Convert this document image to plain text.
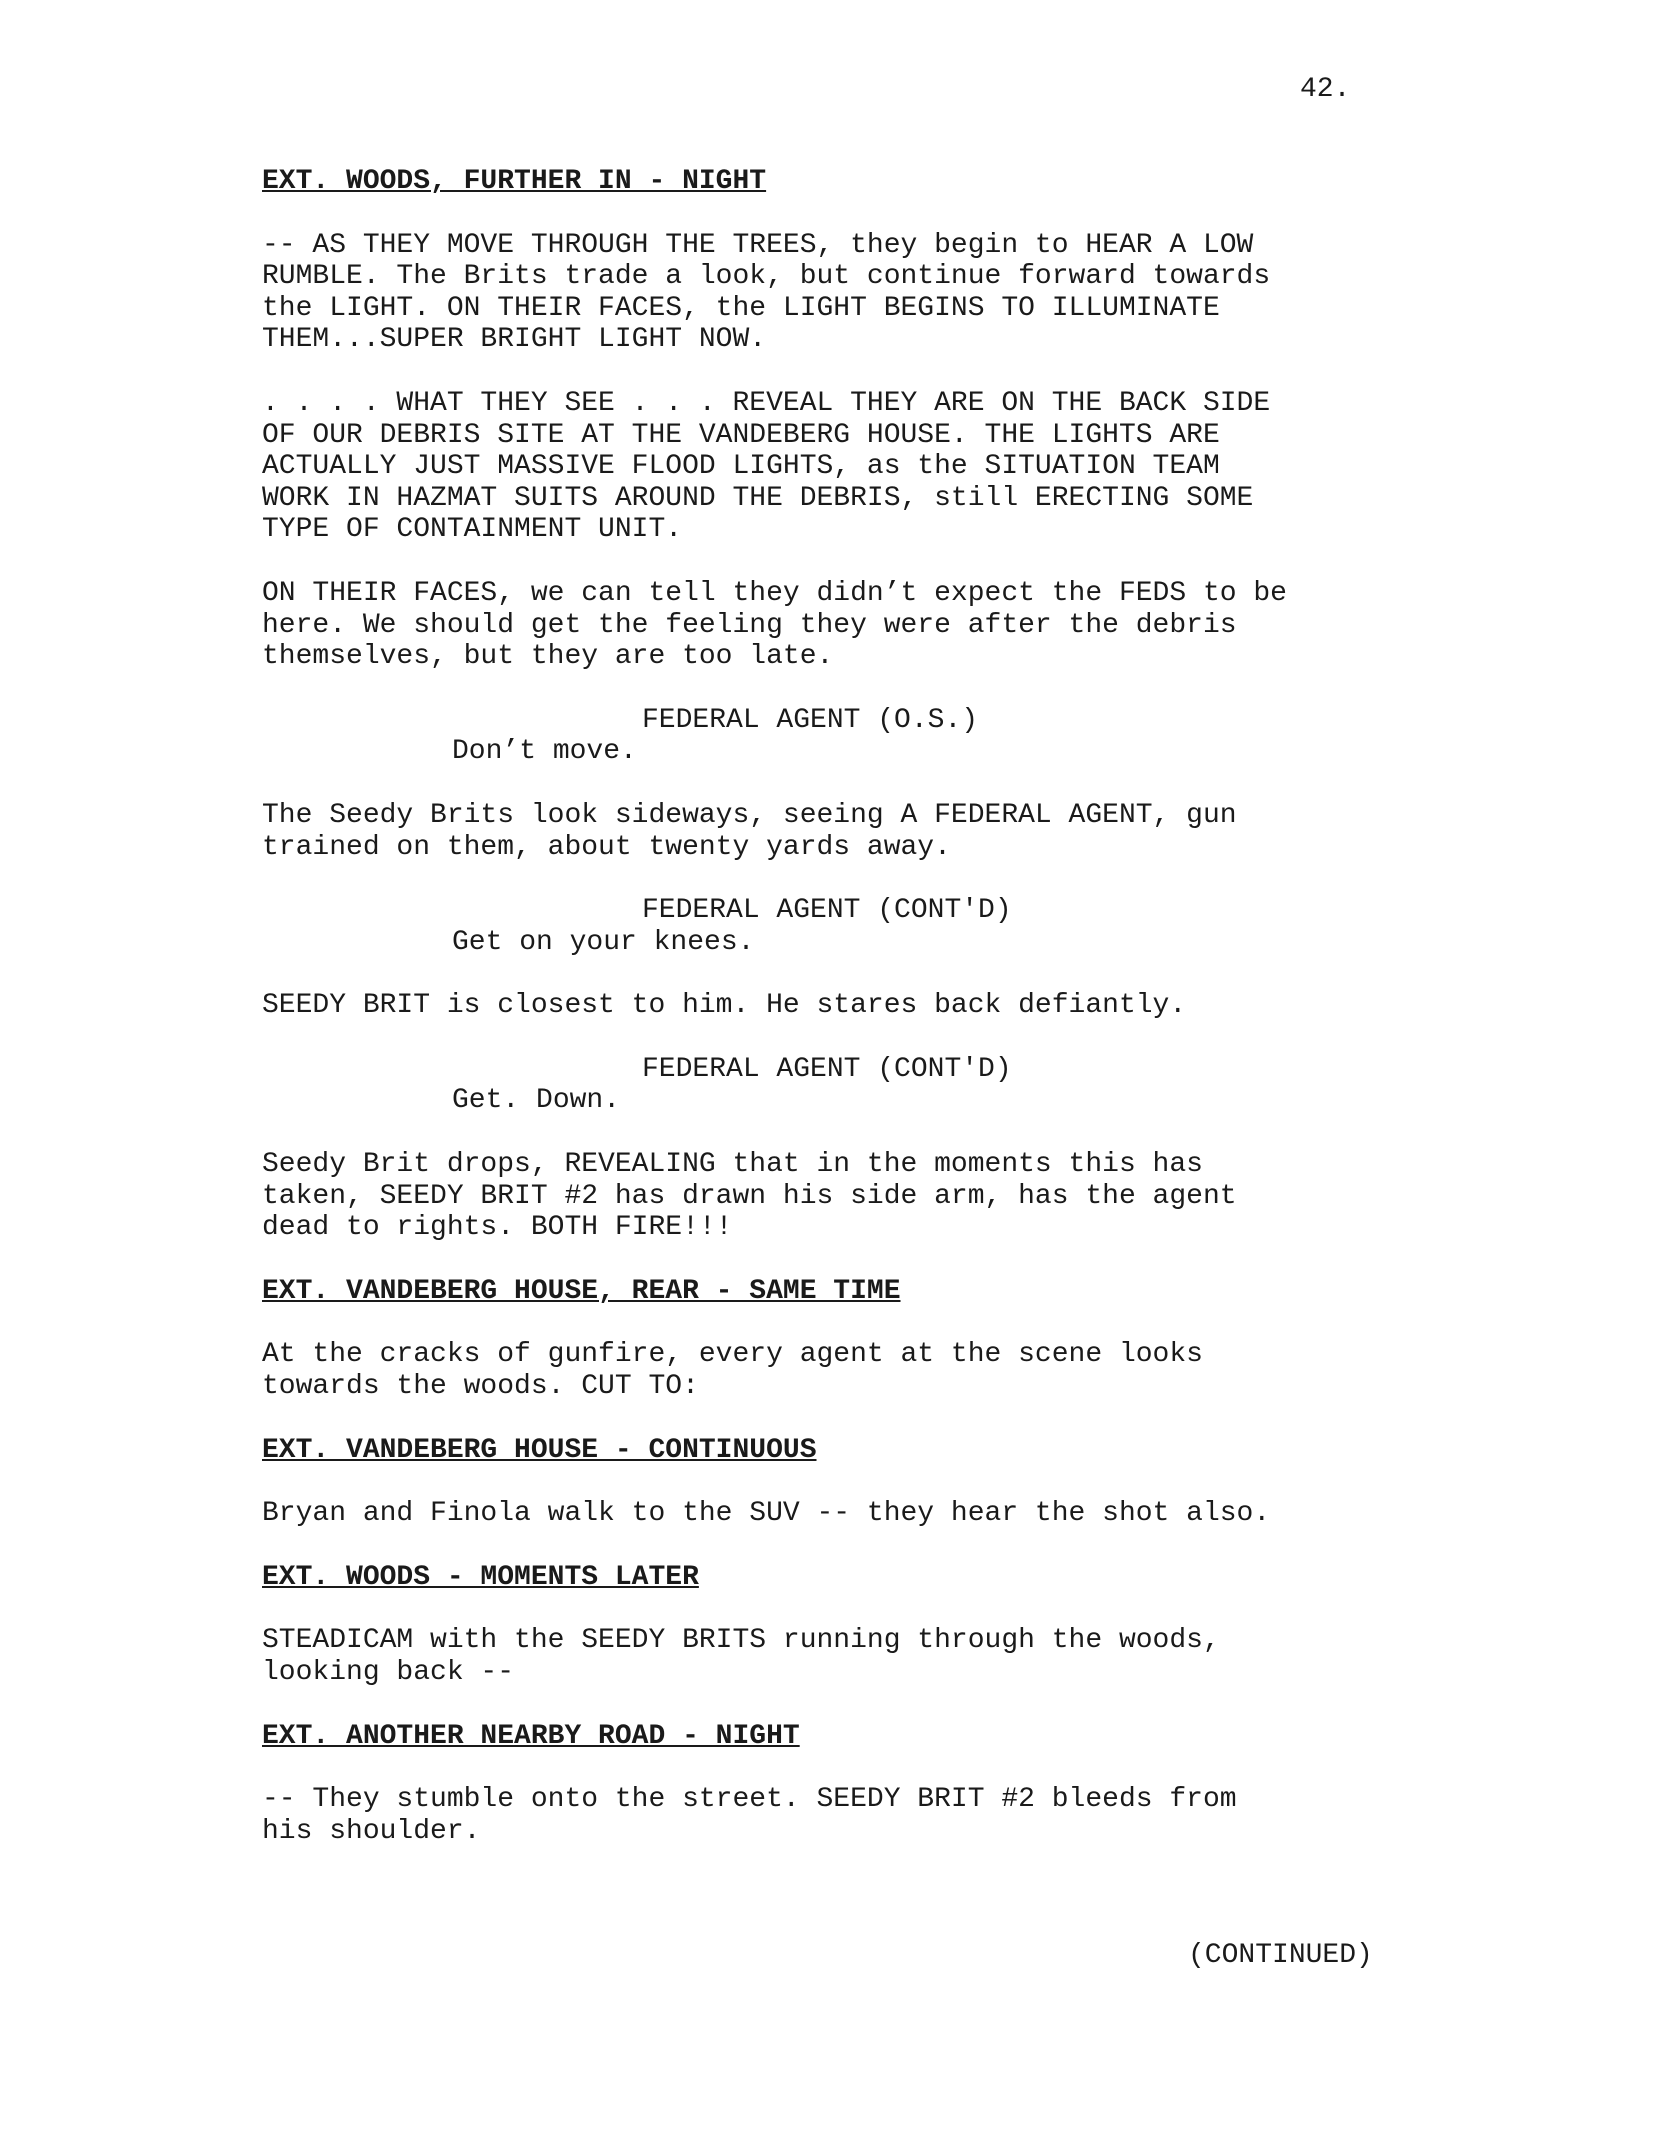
42.
EXT. WOODS, FURTHER IN - NIGHT
-- AS THEY MOVE THROUGH THE TREES, they begin to HEAR A LOW
RUMBLE. The Brits trade a look, but continue forward towards
the LIGHT. ON THEIR FACES, the LIGHT BEGINS TO ILLUMINATE
THEM...SUPER BRIGHT LIGHT NOW.
. . . . WHAT THEY SEE . . . REVEAL THEY ARE ON THE BACK SIDE
OF OUR DEBRIS SITE AT THE VANDEBERG HOUSE. THE LIGHTS ARE
ACTUALLY JUST MASSIVE FLOOD LIGHTS, as the SITUATION TEAM
WORK IN HAZMAT SUITS AROUND THE DEBRIS, still ERECTING SOME
TYPE OF CONTAINMENT UNIT.
ON THEIR FACES, we can tell they didn’t expect the FEDS to be
here. We should get the feeling they were after the debris
themselves, but they are too late.
FEDERAL AGENT (O.S.)
Don’t move.
The Seedy Brits look sideways, seeing A FEDERAL AGENT, gun
trained on them, about twenty yards away.
FEDERAL AGENT (CONT'D)
Get on your knees.
SEEDY BRIT is closest to him. He stares back defiantly.
FEDERAL AGENT (CONT'D)
Get. Down.
Seedy Brit drops, REVEALING that in the moments this has
taken, SEEDY BRIT #2 has drawn his side arm, has the agent
dead to rights. BOTH FIRE!!!
EXT. VANDEBERG HOUSE, REAR - SAME TIME
At the cracks of gunfire, every agent at the scene looks
towards the woods. CUT TO:
EXT. VANDEBERG HOUSE - CONTINUOUS
Bryan and Finola walk to the SUV -- they hear the shot also.
EXT. WOODS - MOMENTS LATER
STEADICAM with the SEEDY BRITS running through the woods,
looking back --
EXT. ANOTHER NEARBY ROAD - NIGHT
-- They stumble onto the street. SEEDY BRIT #2 bleeds from
his shoulder.
(CONTINUED)
